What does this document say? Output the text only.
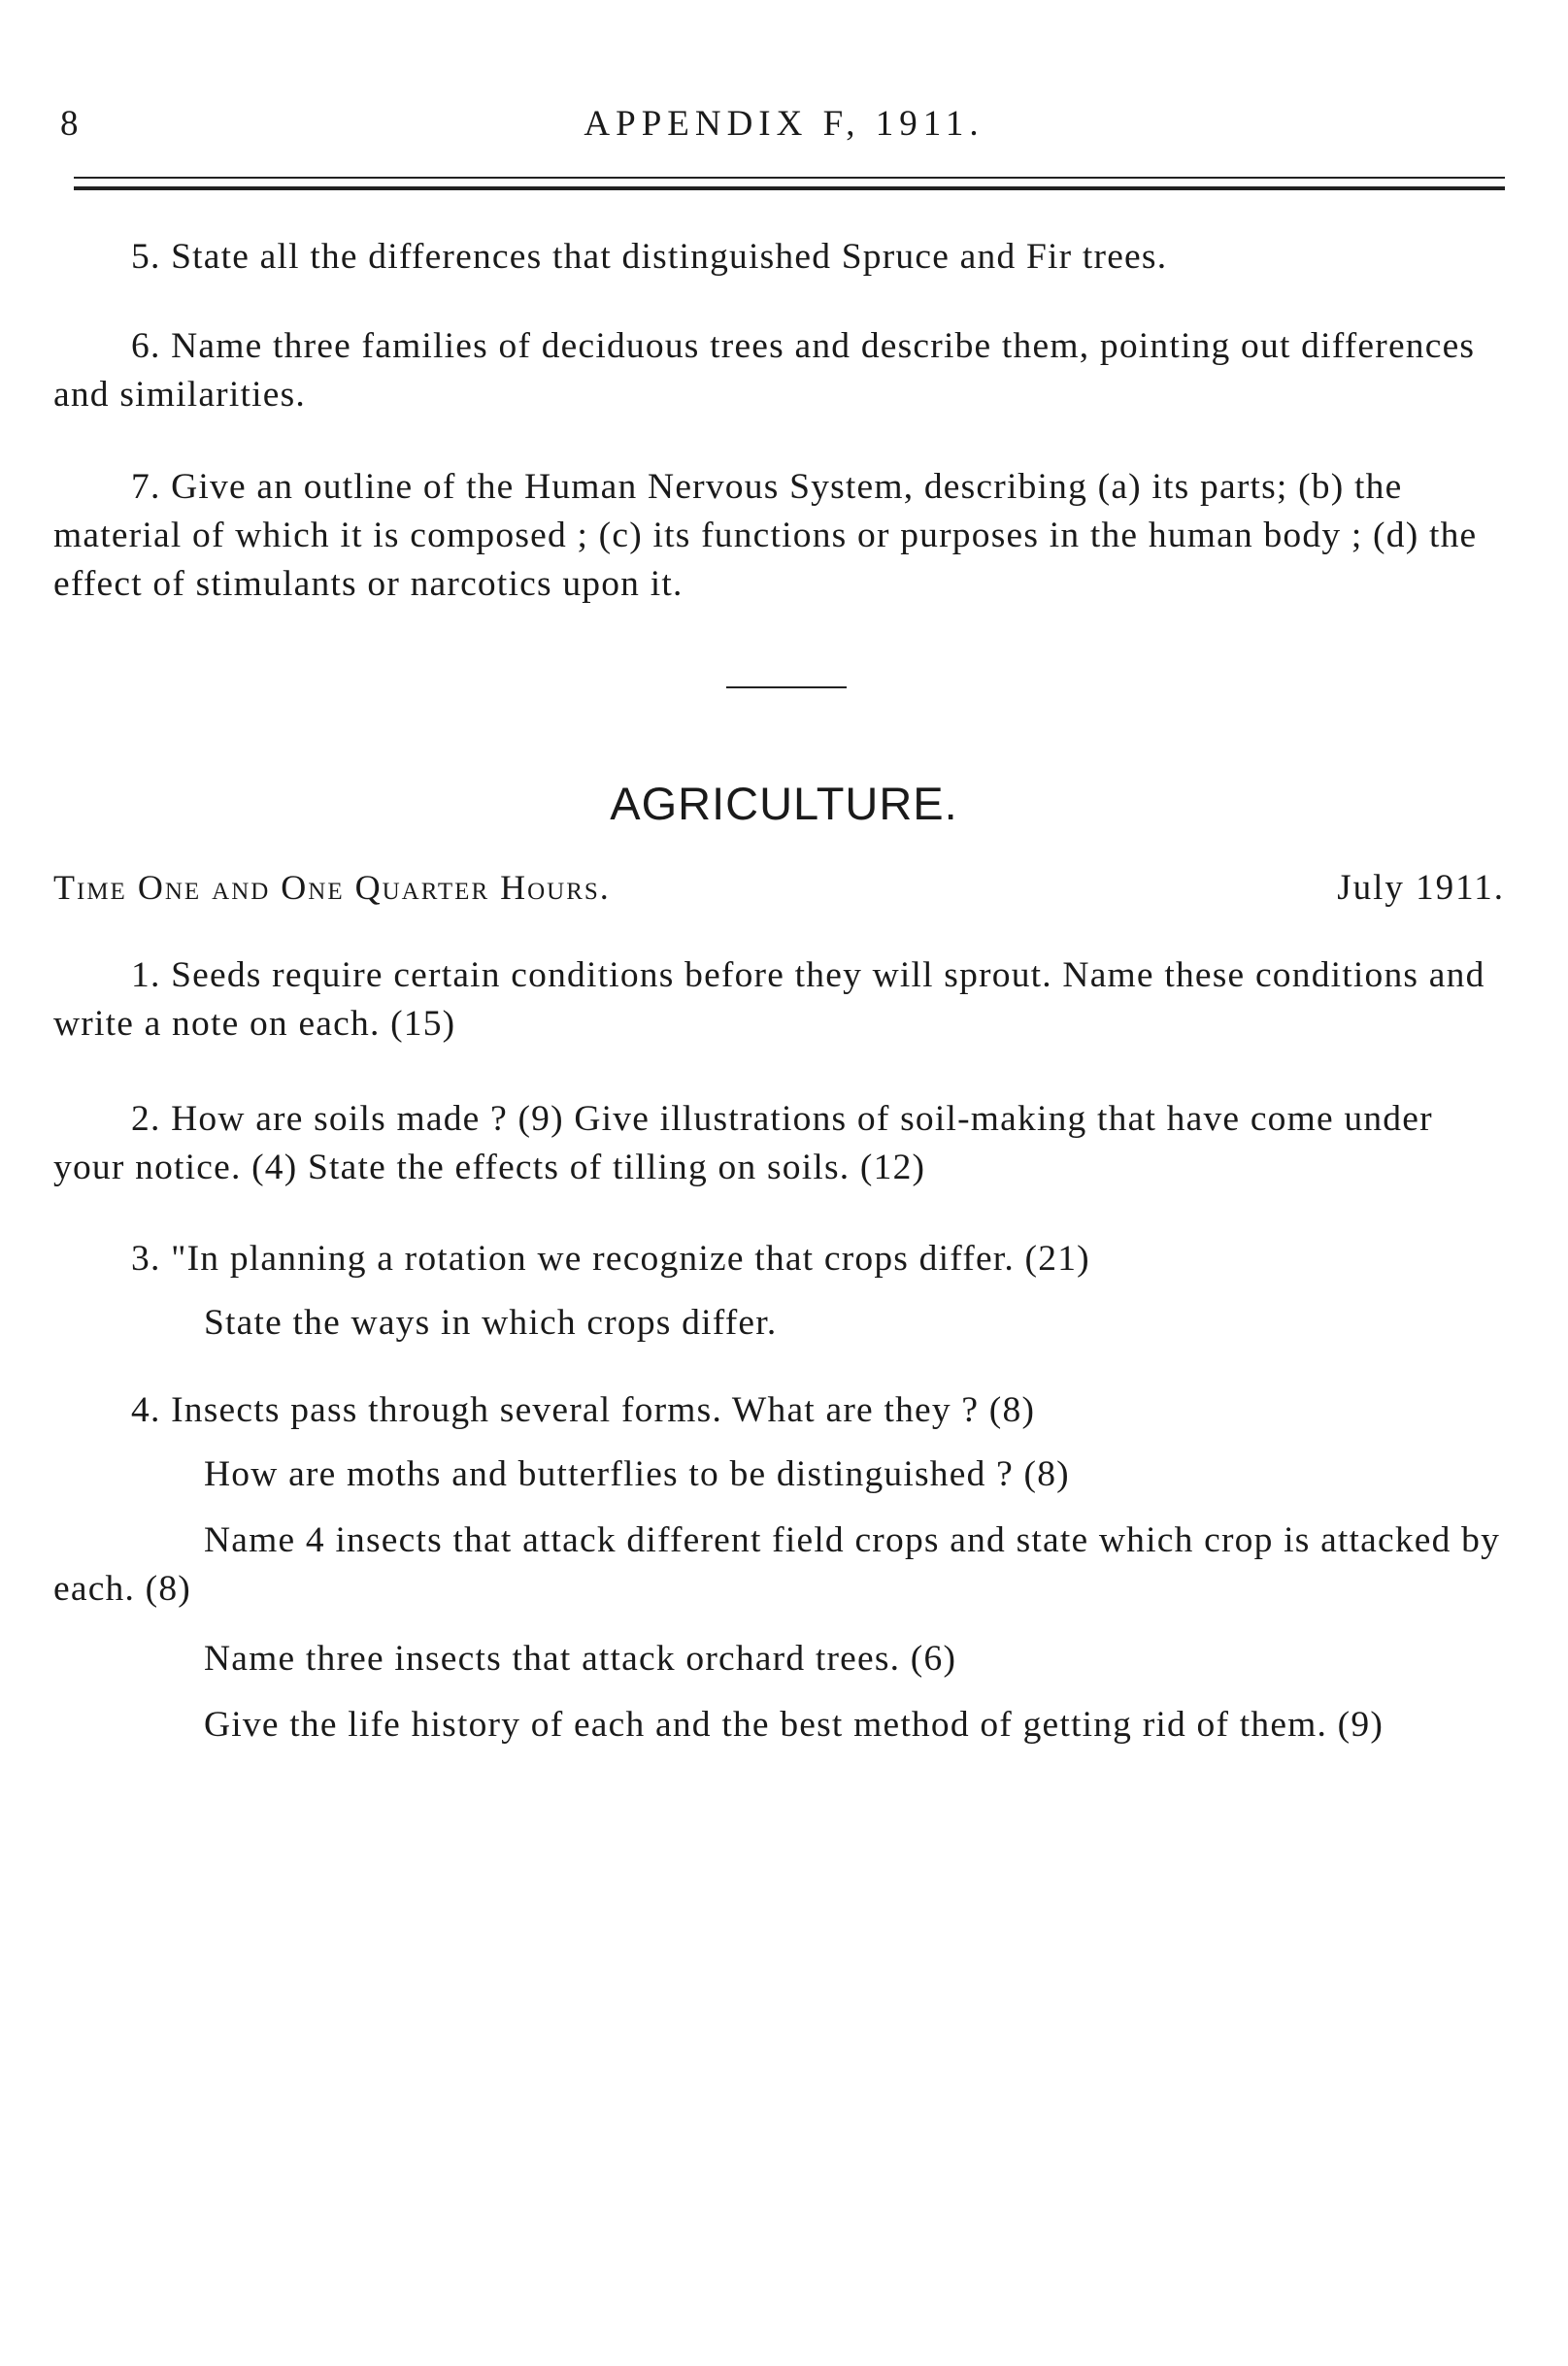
8	APPENDIX F, 1911.

5. State all the differences that distinguished Spruce and Fir trees.

6. Name three families of deciduous trees and describe them, pointing out differences and similarities.

7. Give an outline of the Human Nervous System, describing (a) its parts; (b) the material of which it is composed ; (c) its functions or purposes in the human body ; (d) the effect of stimulants or narcotics upon it.

AGRICULTURE.
Time One and One Quarter Hours.	July 1911.

1. Seeds require certain conditions before they will sprout. Name these conditions and write a note on each. (15)

2. How are soils made ? (9) Give illustrations of soil-making that have come under your notice. (4) State the effects of tilling on soils. (12)

3. "In planning a rotation we recognize that crops differ. (21)

State the ways in which crops differ.

4. Insects pass through several forms. What are they ? (8)

How are moths and butterflies to be distinguished ? (8)

Name 4 insects that attack different field crops and state which crop is attacked by each. (8)

Name three insects that attack orchard trees. (6)

Give the life history of each and the best method of getting rid of them. (9)
